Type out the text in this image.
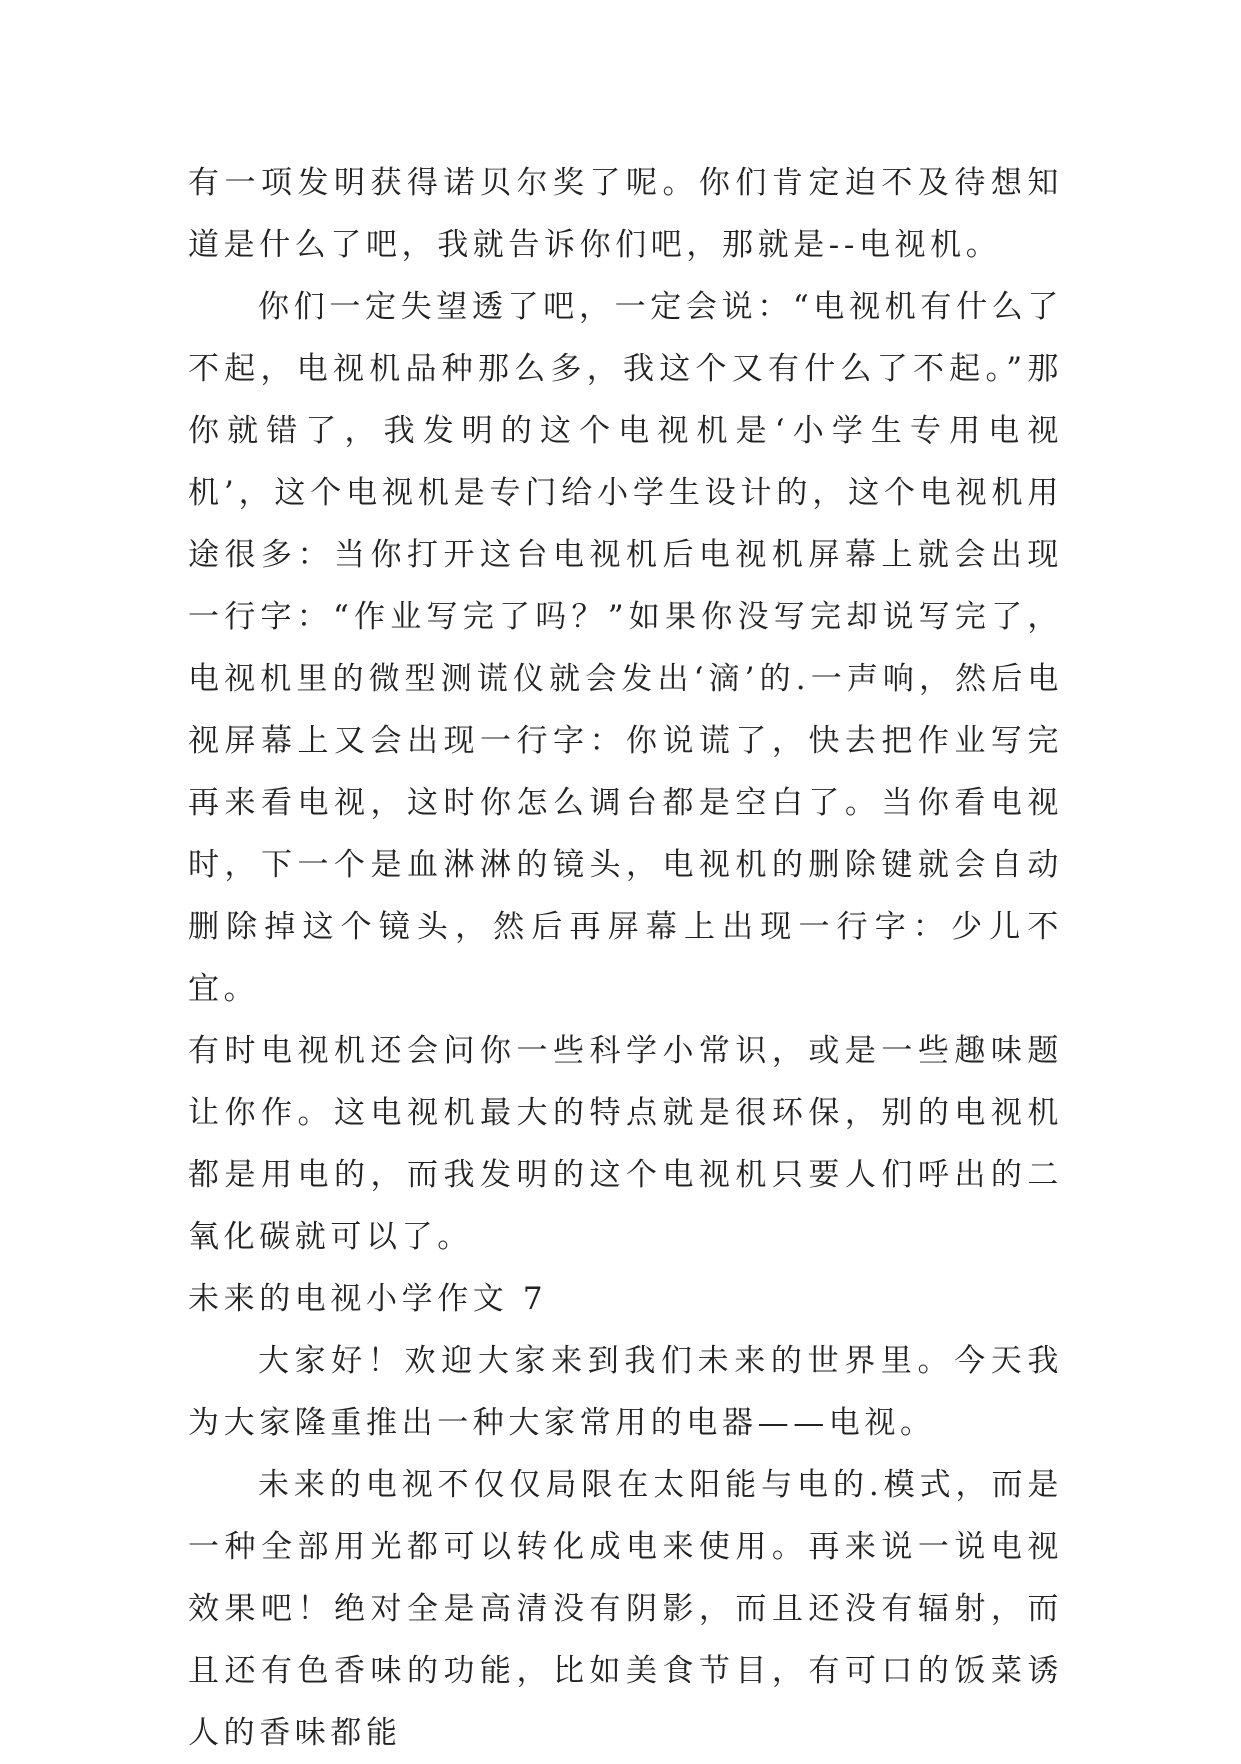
有一项发明获得诺贝尔奖了呢。你们肯定迫不及待想知道是什么了吧，我就告诉你们吧，那就是--电视机。

你们一定失望透了吧，一定会说：“电视机有什么了不起，电视机品种那么多，我这个又有什么了不起。”那你就错了，我发明的这个电视机是‘小学生专用电视机’，这个电视机是专门给小学生设计的，这个电视机用途很多：当你打开这台电视机后电视机屏幕上就会出现一行字：“作业写完了吗？”如果你没写完却说写完了，电视机里的微型测谎仪就会发出‘滴’的.一声响，然后电视屏幕上又会出现一行字：你说谎了，快去把作业写完再来看电视，这时你怎么调台都是空白了。当你看电视时，下一个是血淋淋的镜头，电视机的删除键就会自动删除掉这个镜头，然后再屏幕上出现一行字：少儿不宜。

有时电视机还会问你一些科学小常识，或是一些趣味题让你作。这电视机最大的特点就是很环保，别的电视机都是用电的，而我发明的这个电视机只要人们呼出的二氧化碳就可以了。

未来的电视小学作文 7

大家好！欢迎大家来到我们未来的世界里。今天我为大家隆重推出一种大家常用的电器——电视。

未来的电视不仅仅局限在太阳能与电的.模式，而是一种全部用光都可以转化成电来使用。再来说一说电视效果吧！绝对全是高清没有阴影，而且还没有辐射，而且还有色香味的功能，比如美食节目，有可口的饭菜诱人的香味都能
